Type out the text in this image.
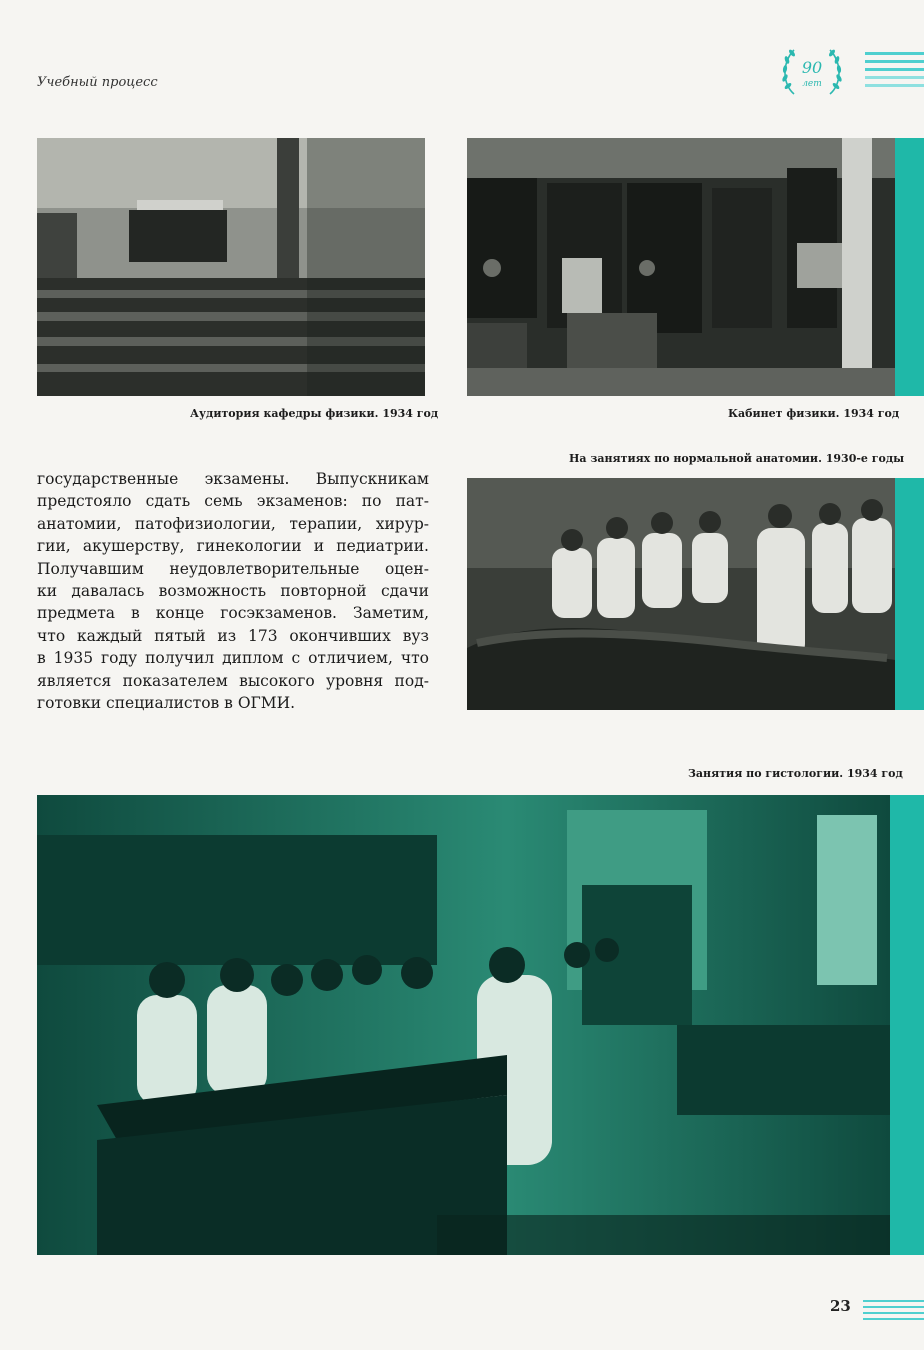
Учебный процесс
90
лет
Аудитория кафедры физики. 1934 год	Кабинет физики. 1934 год
На занятиях по нормальной анатомии. 1930-е годы
государственные экзамены. Выпускникам
предстояло сдать семь экзаменов: по пат-
анатомии, патофизиологии, терапии, хирур-
гии, акушерству, гинекологии и педиатрии.
Получавшим неудовлетворительные оцен-
ки давалась возможность повторной сдачи
предмета в конце госэкзаменов. Заметим,
что каждый пятый из 173 окончивших вуз
в 1935 году получил диплом с отличием, что
является показателем высокого уровня под-
готовки специалистов в ОГМИ.
Занятия по гистологии. 1934 год
23
